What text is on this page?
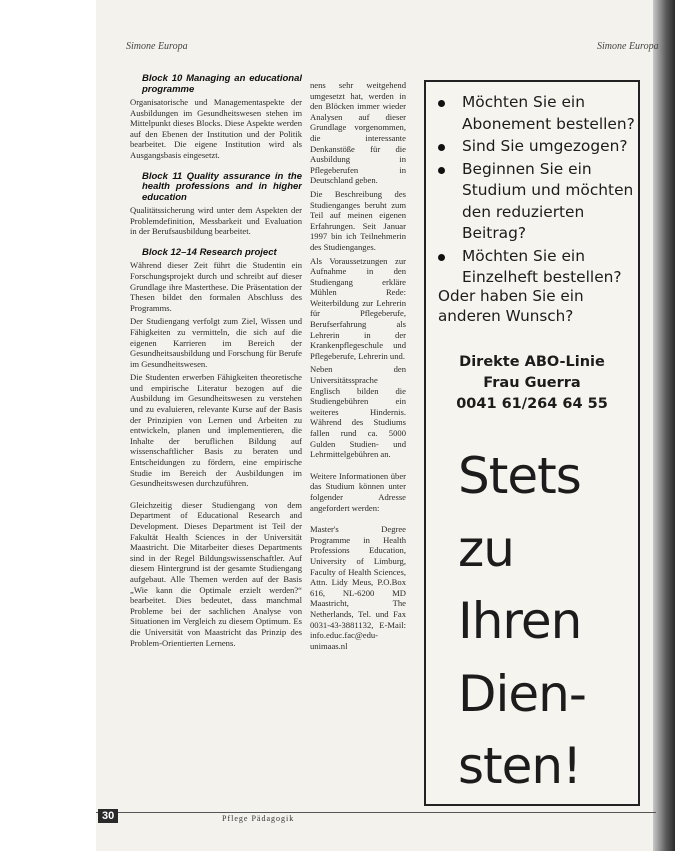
Simone Europa	Simone Europa
Block 10 Managing an educational programme

Organisatorische und Managementaspekte der Ausbildungen im Gesundheitswesen stehen im Mittelpunkt dieses Blocks. Diese Aspekte werden auf den Ebenen der Institution und der Politik bearbeitet. Die eigene Institution wird als Ausgangsbasis eingesetzt.

Block 11 Quality assurance in the health professions and in higher education

Qualitätssicherung wird unter dem Aspekten der Problemdefinition, Messbarkeit und Evaluation in der Berufsausbildung bearbeitet.

Block 12–14 Research project

Während dieser Zeit führt die Studentin ein Forschungsprojekt durch und schreibt auf dieser Grundlage ihre Masterthese. Die Präsentation der Thesen bildet den formalen Abschluss des Programms.

Der Studiengang verfolgt zum Ziel, Wissen und Fähigkeiten zu vermitteln, die sich auf die eigenen Karrieren im Bereich der Gesundheitsausbildung und Forschung für Berufe im Gesundheitswesen.

Die Studenten erwerben Fähigkeiten theoretische und empirische Literatur bezogen auf die Ausbildung im Gesundheitswesen zu verstehen und zu evaluieren, relevante Kurse auf der Basis der Prinzipien von Lernen und Arbeiten zu entwickeln, planen und implementieren, die Inhalte der beruflichen Bildung auf wissenschaftlicher Basis zu beraten und Entscheidungen zu fördern, eine empirische Studie im Bereich der Ausbildungen im Gesundheitswesen durchzuführen.

Gleichzeitig dieser Studiengang von dem Department of Educational Research and Development. Dieses Department ist Teil der Fakultät Health Sciences in der Universität Maastricht. Die Mitarbeiter dieses Departments sind in der Regel Bildungswissenschaftler. Auf diesem Hintergrund ist der gesamte Studiengang aufgebaut. Alle Themen werden auf der Basis „Wie kann die Optimale erzielt werden?“ bearbeitet. Dies bedeutet, dass manchmal Probleme bei der sachlichen Analyse von Situationen im Vergleich zu diesem Optimum. Es die Universität von Maastricht das Prinzip des Problem-Orientierten Lernens.

nens sehr weitgehend umgesetzt hat, werden in den Blöcken immer wieder Analysen auf dieser Grundlage vorgenommen, die interessante Denkanstöße für die Ausbildung in Pflegeberufen in Deutschland geben.

Die Beschreibung des Studienganges beruht zum Teil auf meinen eigenen Erfahrungen. Seit Januar 1997 bin ich Teilnehmerin des Studienganges.

Als Voraussetzungen zur Aufnahme in den Studiengang erkläre Mühlen Rede: Weiterbildung zur Lehrerin für Pflegeberufe, Berufserfahrung als Lehrerin in der Krankenpflegeschule und Pflegeberufe, Lehrerin und.

Neben den Universitätssprache Englisch bilden die Studiengebühren ein weiteres Hindernis. Während des Studiums fallen rund ca. 5000 Gulden Studien- und Lehrmittelgebühren an.

Weitere Informationen über das Studium können unter folgender Adresse angefordert werden:

Master's Degree Programme in Health Professions Education, University of Limburg, Faculty of Health Sciences, Attn. Lidy Meus, P.O.Box 616, NL-6200 MD Maastricht, The Netherlands, Tel. und Fax 0031-43-3881132, E-Mail: info.educ.fac@edu-unimaas.nl

Möchten Sie ein Abonement bestellen?
Sind Sie umgezogen?
Beginnen Sie ein Studium und möchten den reduzierten Beitrag?
Möchten Sie ein Einzelheft bestellen?
Oder haben Sie ein anderen Wunsch?
Direkte ABO-Linie
Frau Guerra
0041 61/264 64 55
Stets
zu
Ihren
Dien-
sten!
30	Pflege Pädagogik
